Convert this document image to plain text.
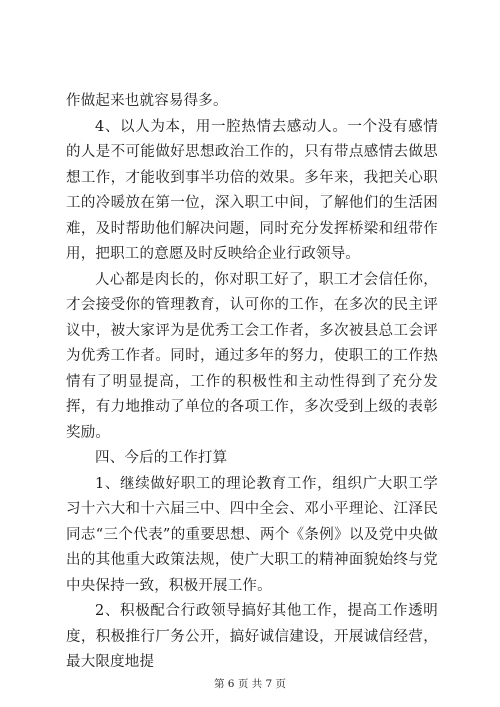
作做起来也就容易得多。

4、以人为本，用一腔热情去感动人。一个没有感情的人是不可能做好思想政治工作的，只有带点感情去做思想工作，才能收到事半功倍的效果。多年来，我把关心职工的冷暖放在第一位，深入职工中间，了解他们的生活困难，及时帮助他们解决问题，同时充分发挥桥梁和纽带作用，把职工的意愿及时反映给企业行政领导。

人心都是肉长的，你对职工好了，职工才会信任你，才会接受你的管理教育，认可你的工作，在多次的民主评议中，被大家评为是优秀工会工作者，多次被县总工会评为优秀工作者。同时，通过多年的努力，使职工的工作热情有了明显提高，工作的积极性和主动性得到了充分发挥，有力地推动了单位的各项工作，多次受到上级的表彰奖励。

四、今后的工作打算

1、继续做好职工的理论教育工作，组织广大职工学习十六大和十六届三中、四中全会、邓小平理论、江泽民同志“三个代表”的重要思想、两个《条例》以及党中央做出的其他重大政策法规，使广大职工的精神面貌始终与党中央保持一致，积极开展工作。

2、积极配合行政领导搞好其他工作，提高工作透明度，积极推行厂务公开，搞好诚信建设，开展诚信经营，最大限度地提

第 6 页 共 7 页
